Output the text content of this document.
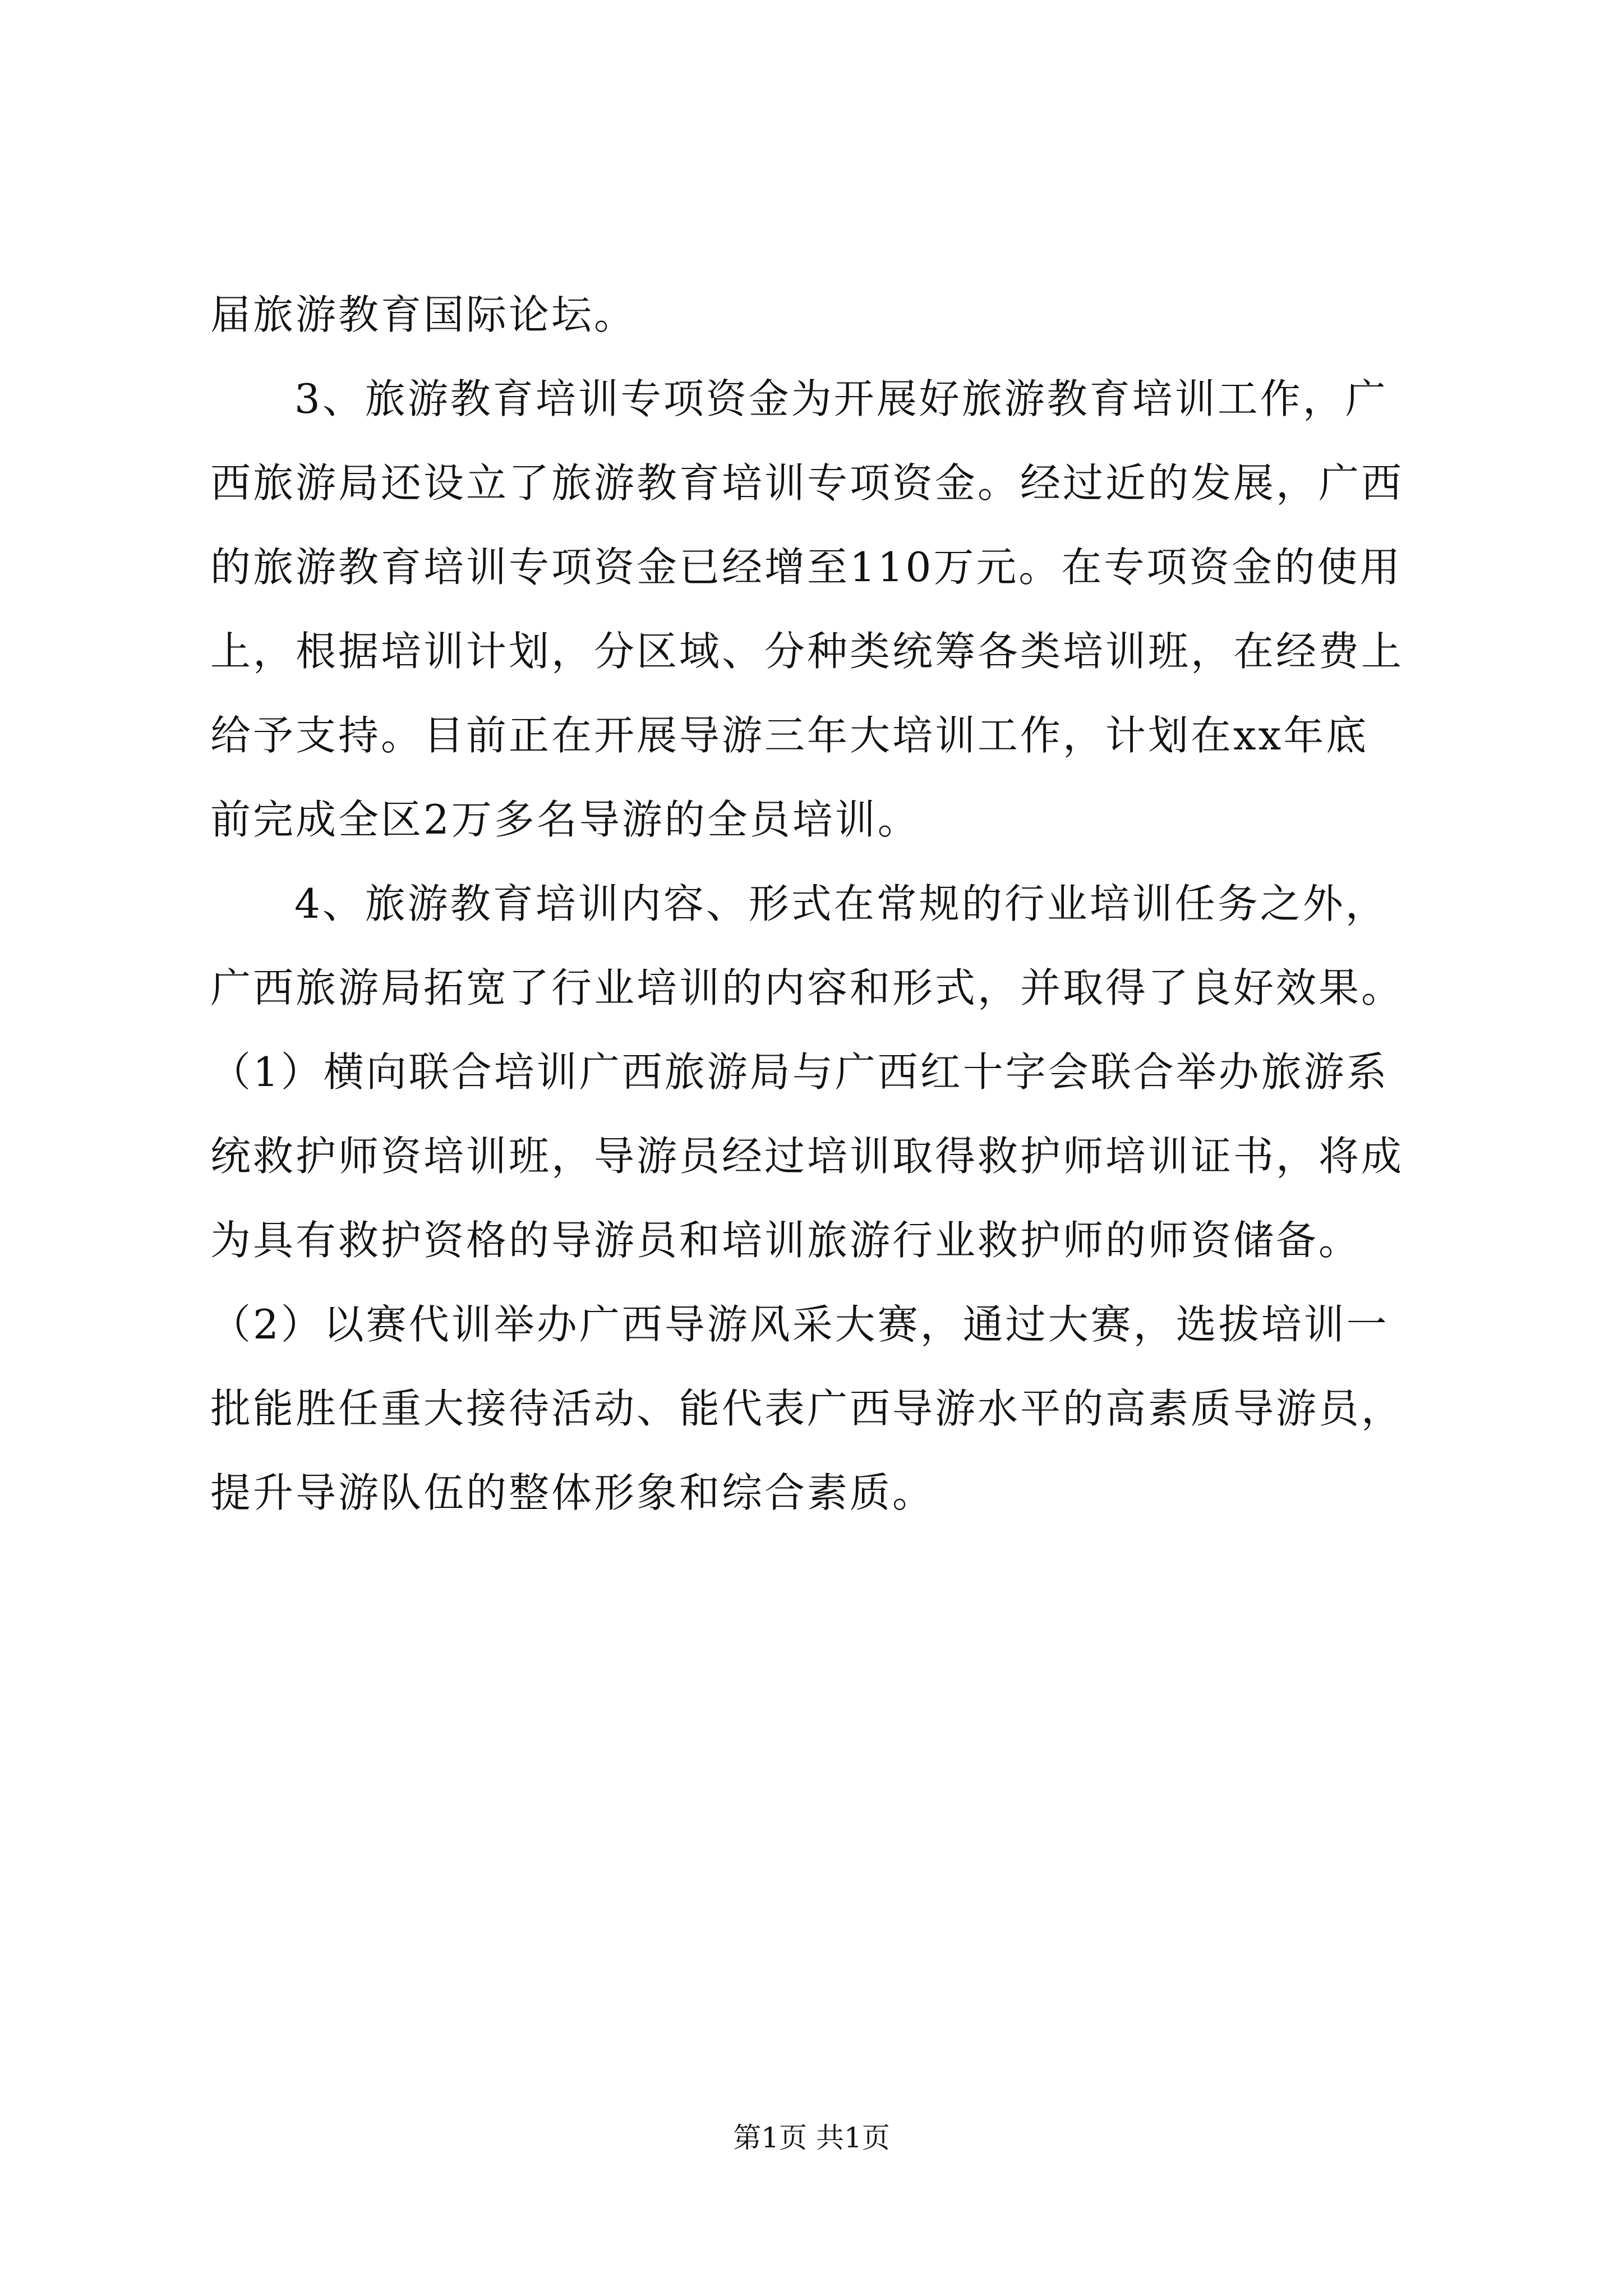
届旅游教育国际论坛。
3、旅游教育培训专项资金为开展好旅游教育培训工作，广
西旅游局还设立了旅游教育培训专项资金。经过近的发展，广西
的旅游教育培训专项资金已经增至110万元。在专项资金的使用
上，根据培训计划，分区域、分种类统筹各类培训班，在经费上
给予支持。目前正在开展导游三年大培训工作，计划在xx年底
前完成全区2万多名导游的全员培训。
4、旅游教育培训内容、形式在常规的行业培训任务之外，
广西旅游局拓宽了行业培训的内容和形式，并取得了良好效果。
（1）横向联合培训广西旅游局与广西红十字会联合举办旅游系
统救护师资培训班，导游员经过培训取得救护师培训证书，将成
为具有救护资格的导游员和培训旅游行业救护师的师资储备。
（2）以赛代训举办广西导游风采大赛，通过大赛，选拔培训一
批能胜任重大接待活动、能代表广西导游水平的高素质导游员，
提升导游队伍的整体形象和综合素质。
第1页 共1页
